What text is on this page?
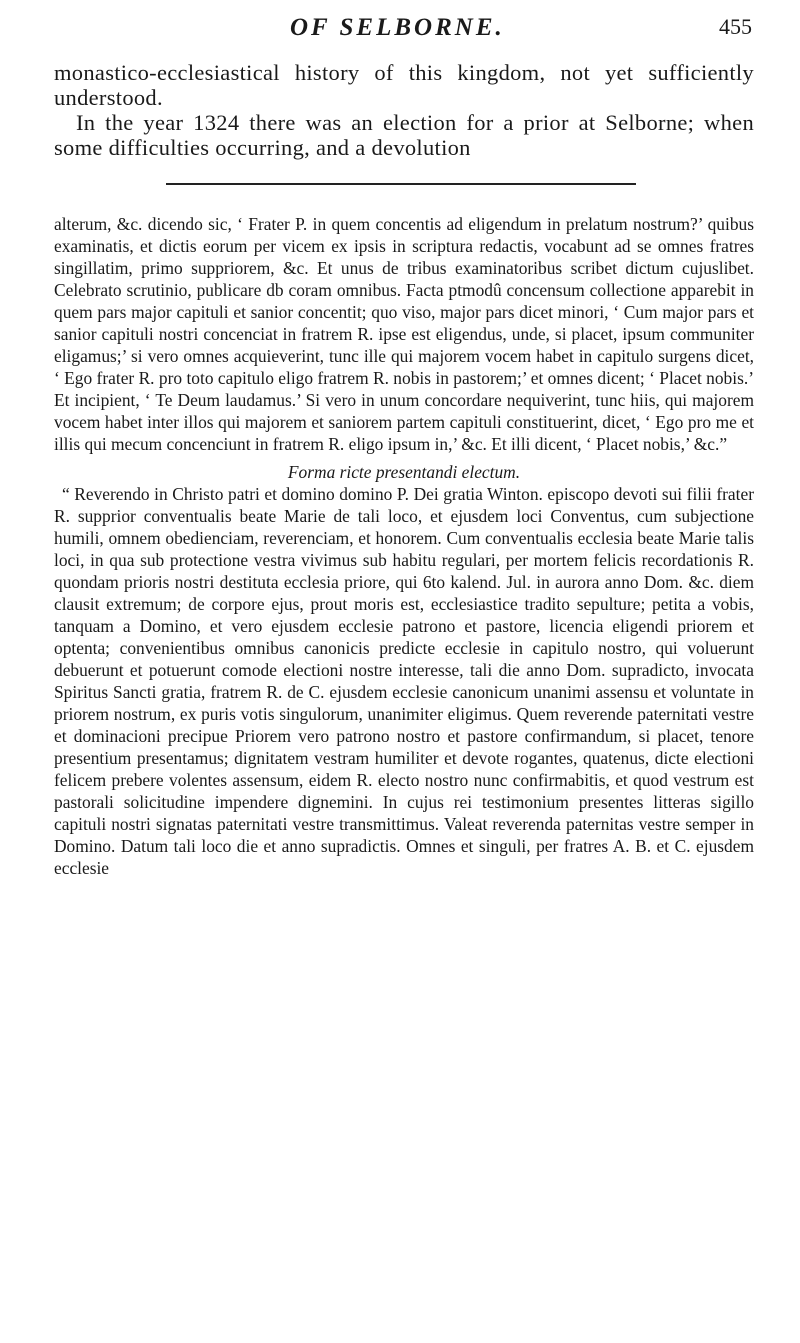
OF SELBORNE.	455

monastico-ecclesiastical history of this kingdom, not yet sufficiently understood.

In the year 1324 there was an election for a prior at Selborne; when some difficulties occurring, and a devolution

alterum, &c. dicendo sic, ‘ Frater P. in quem concentis ad eligendum in prelatum nostrum?’ quibus examinatis, et dictis eorum per vicem ex ipsis in scriptura redactis, vocabunt ad se omnes fratres singillatim, primo suppriorem, &c. Et unus de tribus examinatoribus scribet dictum cujuslibet. Celebrato scrutinio, publicare db coram omnibus. Facta ptmodû concensum collectione apparebit in quem pars major capituli et sanior concentit; quo viso, major pars dicet minori, ‘ Cum major pars et sanior capituli nostri concenciat in fratrem R. ipse est eligendus, unde, si placet, ipsum communiter eligamus;’ si vero omnes acquieverint, tunc ille qui majorem vocem habet in capitulo surgens dicet, ‘ Ego frater R. pro toto capitulo eligo fratrem R. nobis in pastorem;’ et omnes dicent; ‘ Placet nobis.’ Et incipient, ‘ Te Deum laudamus.’ Si vero in unum concordare nequiverint, tunc hiis, qui majorem vocem habet inter illos qui majorem et saniorem partem capituli constituerint, dicet, ‘ Ego pro me et illis qui mecum concenciunt in fratrem R. eligo ipsum in,’ &c. Et illi dicent, ‘ Placet nobis,’ &c.”

Forma ricte presentandi electum.

“ Reverendo in Christo patri et domino domino P. Dei gratia Winton. episcopo devoti sui filii frater R. supprior conventualis beate Marie de tali loco, et ejusdem loci Conventus, cum subjectione humili, omnem obedienciam, reverenciam, et honorem. Cum conventualis ecclesia beate Marie talis loci, in qua sub protectione vestra vivimus sub habitu regulari, per mortem felicis recordationis R. quondam prioris nostri destituta ecclesia priore, qui 6to kalend. Jul. in aurora anno Dom. &c. diem clausit extremum; de corpore ejus, prout moris est, ecclesiastice tradito sepulture; petita a vobis, tanquam a Domino, et vero ejusdem ecclesie patrono et pastore, licencia eligendi priorem et optenta; convenientibus omnibus canonicis predicte ecclesie in capitulo nostro, qui voluerunt debuerunt et potuerunt comode electioni nostre interesse, tali die anno Dom. supradicto, invocata Spiritus Sancti gratia, fratrem R. de C. ejusdem ecclesie canonicum unanimi assensu et voluntate in priorem nostrum, ex puris votis singulorum, unanimiter eligimus. Quem reverende paternitati vestre et dominacioni precipue Priorem vero patrono nostro et pastore confirmandum, si placet, tenore presentium presentamus; dignitatem vestram humiliter et devote rogantes, quatenus, dicte electioni felicem prebere volentes assensum, eidem R. electo nostro nunc confirmabitis, et quod vestrum est pastorali solicitudine impendere dignemini. In cujus rei testimonium presentes litteras sigillo capituli nostri signatas paternitati vestre transmittimus. Valeat reverenda paternitas vestre semper in Domino. Datum tali loco die et anno supradictis. Omnes et singuli, per fratres A. B. et C. ejusdem ecclesie
